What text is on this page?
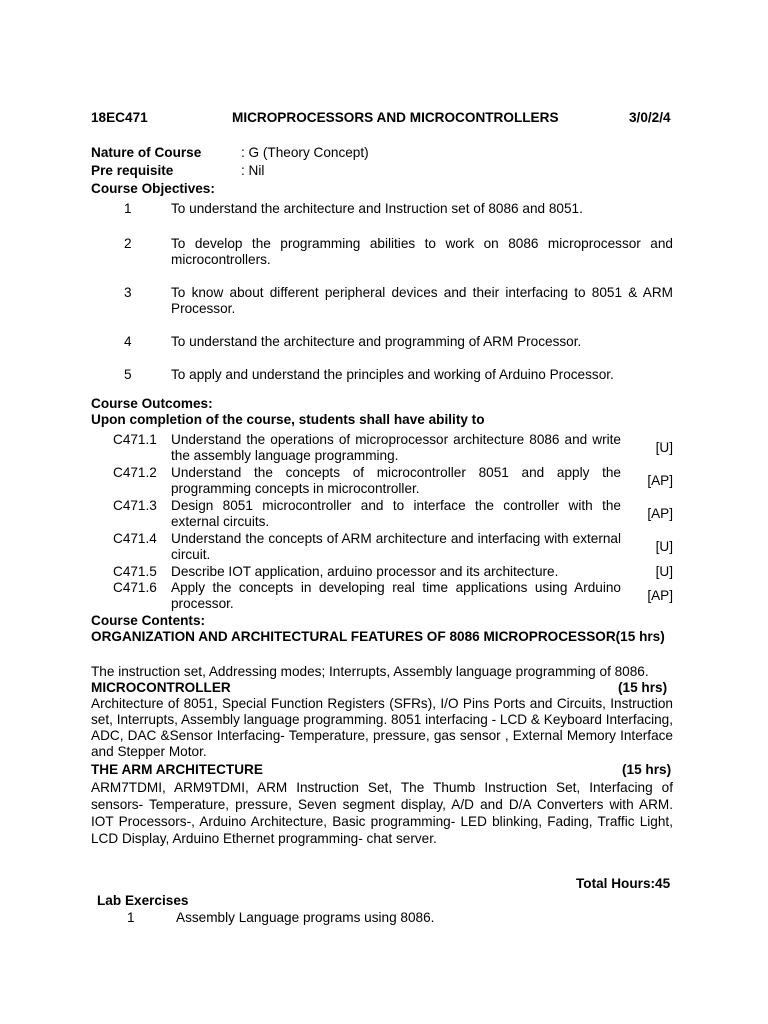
18EC471	MICROPROCESSORS AND MICROCONTROLLERS	3/0/2/4
Nature of Course	: G (Theory Concept)
Pre requisite	: Nil
Course Objectives:
1	To understand the architecture and Instruction set of 8086 and 8051.
2	To develop the programming abilities to work on 8086 microprocessor and microcontrollers.
3	To know about different peripheral devices and their interfacing to 8051 & ARM Processor.
4	To understand the architecture and programming of ARM Processor.
5	To apply and understand the principles and working of Arduino Processor.
Course Outcomes:
Upon completion of the course, students shall have ability to
C471.1 Understand the operations of microprocessor architecture 8086 and write the assembly language programming.
[U]
C471.2 Understand the concepts of microcontroller 8051 and apply the programming concepts in microcontroller.
[AP]
C471.3 Design 8051 microcontroller and to interface the controller with the external circuits.
[AP]
C471.4 Understand the concepts of ARM architecture and interfacing with external circuit.
[U]
C471.5 Describe IOT application, arduino processor and its architecture.	[U]
C471.6 Apply the concepts in developing real time applications using Arduino processor.
[AP]
Course Contents:
ORGANIZATION AND ARCHITECTURAL FEATURES OF 8086 MICROPROCESSOR(15 hrs)
The instruction set, Addressing modes; Interrupts, Assembly language programming of 8086.
MICROCONTROLLER	(15 hrs)
Architecture of 8051, Special Function Registers (SFRs), I/O Pins Ports and Circuits, Instruction set, Interrupts, Assembly language programming. 8051 interfacing - LCD & Keyboard Interfacing, ADC, DAC &Sensor Interfacing- Temperature, pressure, gas sensor , External Memory Interface and Stepper Motor.
THE ARM ARCHITECTURE	(15 hrs)
ARM7TDMI, ARM9TDMI, ARM Instruction Set, The Thumb Instruction Set, Interfacing of sensors- Temperature, pressure, Seven segment display, A/D and D/A Converters with ARM. IOT Processors-, Arduino Architecture, Basic programming- LED blinking, Fading, Traffic Light, LCD Display, Arduino Ethernet programming- chat server.
Total Hours:45
Lab Exercises
1	Assembly Language programs using 8086.
